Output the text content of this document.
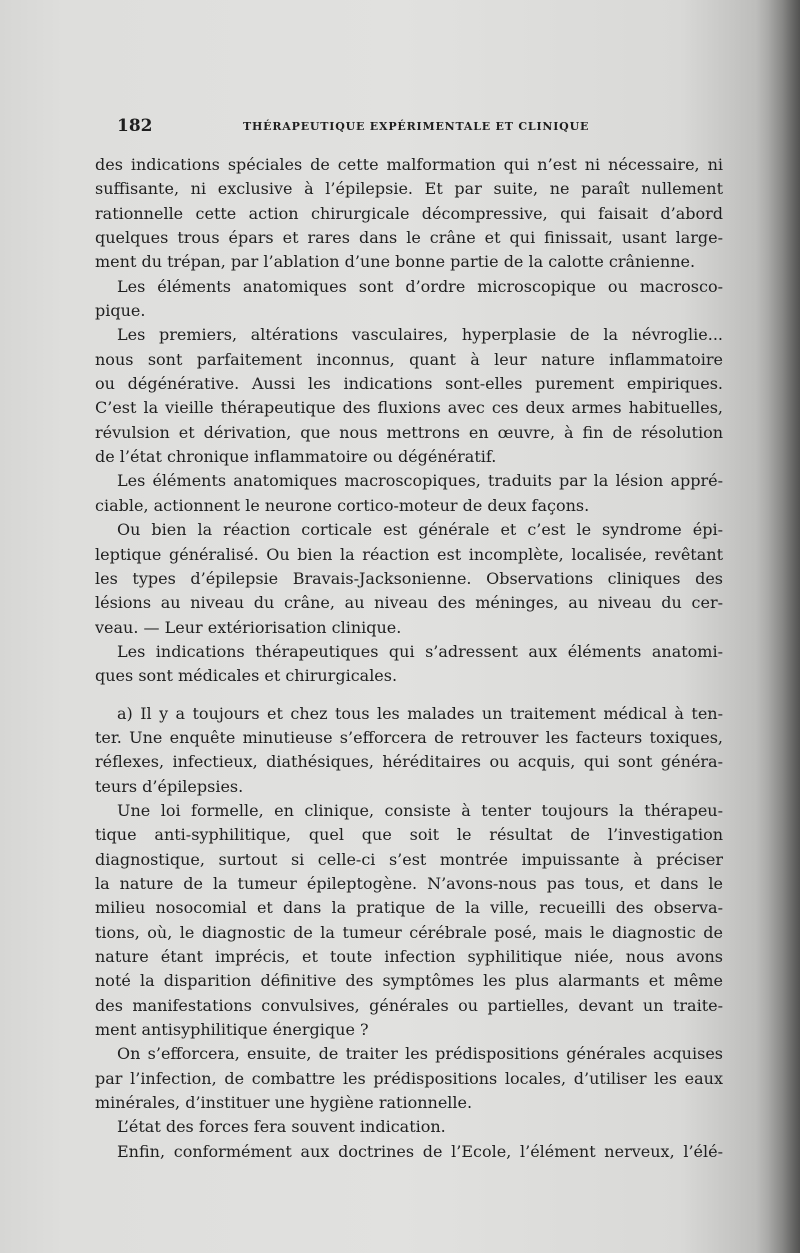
182	THÉRAPEUTIQUE EXPÉRIMENTALE ET CLINIQUE
des indications spéciales de cette malformation qui n’est ni nécessaire, ni
suffisante, ni exclusive à l’épilepsie. Et par suite, ne paraît nullement
rationnelle cette action chirurgicale décompressive, qui faisait d’abord
quelques trous épars et rares dans le crâne et qui finissait, usant large-
ment du trépan, par l’ablation d’une bonne partie de la calotte crânienne.
Les éléments anatomiques sont d’ordre microscopique ou macrosco-
pique.
Les premiers, altérations vasculaires, hyperplasie de la névroglie...
nous sont parfaitement inconnus, quant à leur nature inflammatoire
ou dégénérative. Aussi les indications sont-elles purement empiriques.
C’est la vieille thérapeutique des fluxions avec ces deux armes habituelles,
révulsion et dérivation, que nous mettrons en œuvre, à fin de résolution
de l’état chronique inflammatoire ou dégénératif.
Les éléments anatomiques macroscopiques, traduits par la lésion appré-
ciable, actionnent le neurone cortico-moteur de deux façons.
Ou bien la réaction corticale est générale et c’est le syndrome épi-
leptique généralisé. Ou bien la réaction est incomplète, localisée, revêtant
les types d’épilepsie Bravais-Jacksonienne. Observations cliniques des
lésions au niveau du crâne, au niveau des méninges, au niveau du cer-
veau. — Leur extériorisation clinique.
Les indications thérapeutiques qui s’adressent aux éléments anatomi-
ques sont médicales et chirurgicales.
a) Il y a toujours et chez tous les malades un traitement médical à ten-
ter. Une enquête minutieuse s’efforcera de retrouver les facteurs toxiques,
réflexes, infectieux, diathésiques, héréditaires ou acquis, qui sont généra-
teurs d’épilepsies.
Une loi formelle, en clinique, consiste à tenter toujours la thérapeu-
tique anti-syphilitique, quel que soit le résultat de l’investigation
diagnostique, surtout si celle-ci s’est montrée impuissante à préciser
la nature de la tumeur épileptogène. N’avons-nous pas tous, et dans le
milieu nosocomial et dans la pratique de la ville, recueilli des observa-
tions, où, le diagnostic de la tumeur cérébrale posé, mais le diagnostic de
nature étant imprécis, et toute infection syphilitique niée, nous avons
noté la disparition définitive des symptômes les plus alarmants et même
des manifestations convulsives, générales ou partielles, devant un traite-
ment antisyphilitique énergique ?
On s’efforcera, ensuite, de traiter les prédispositions générales acquises
par l’infection, de combattre les prédispositions locales, d’utiliser les eaux
minérales, d’instituer une hygiène rationnelle.
L’état des forces fera souvent indication.
Enfin, conformément aux doctrines de l’Ecole, l’élément nerveux, l’élé-
